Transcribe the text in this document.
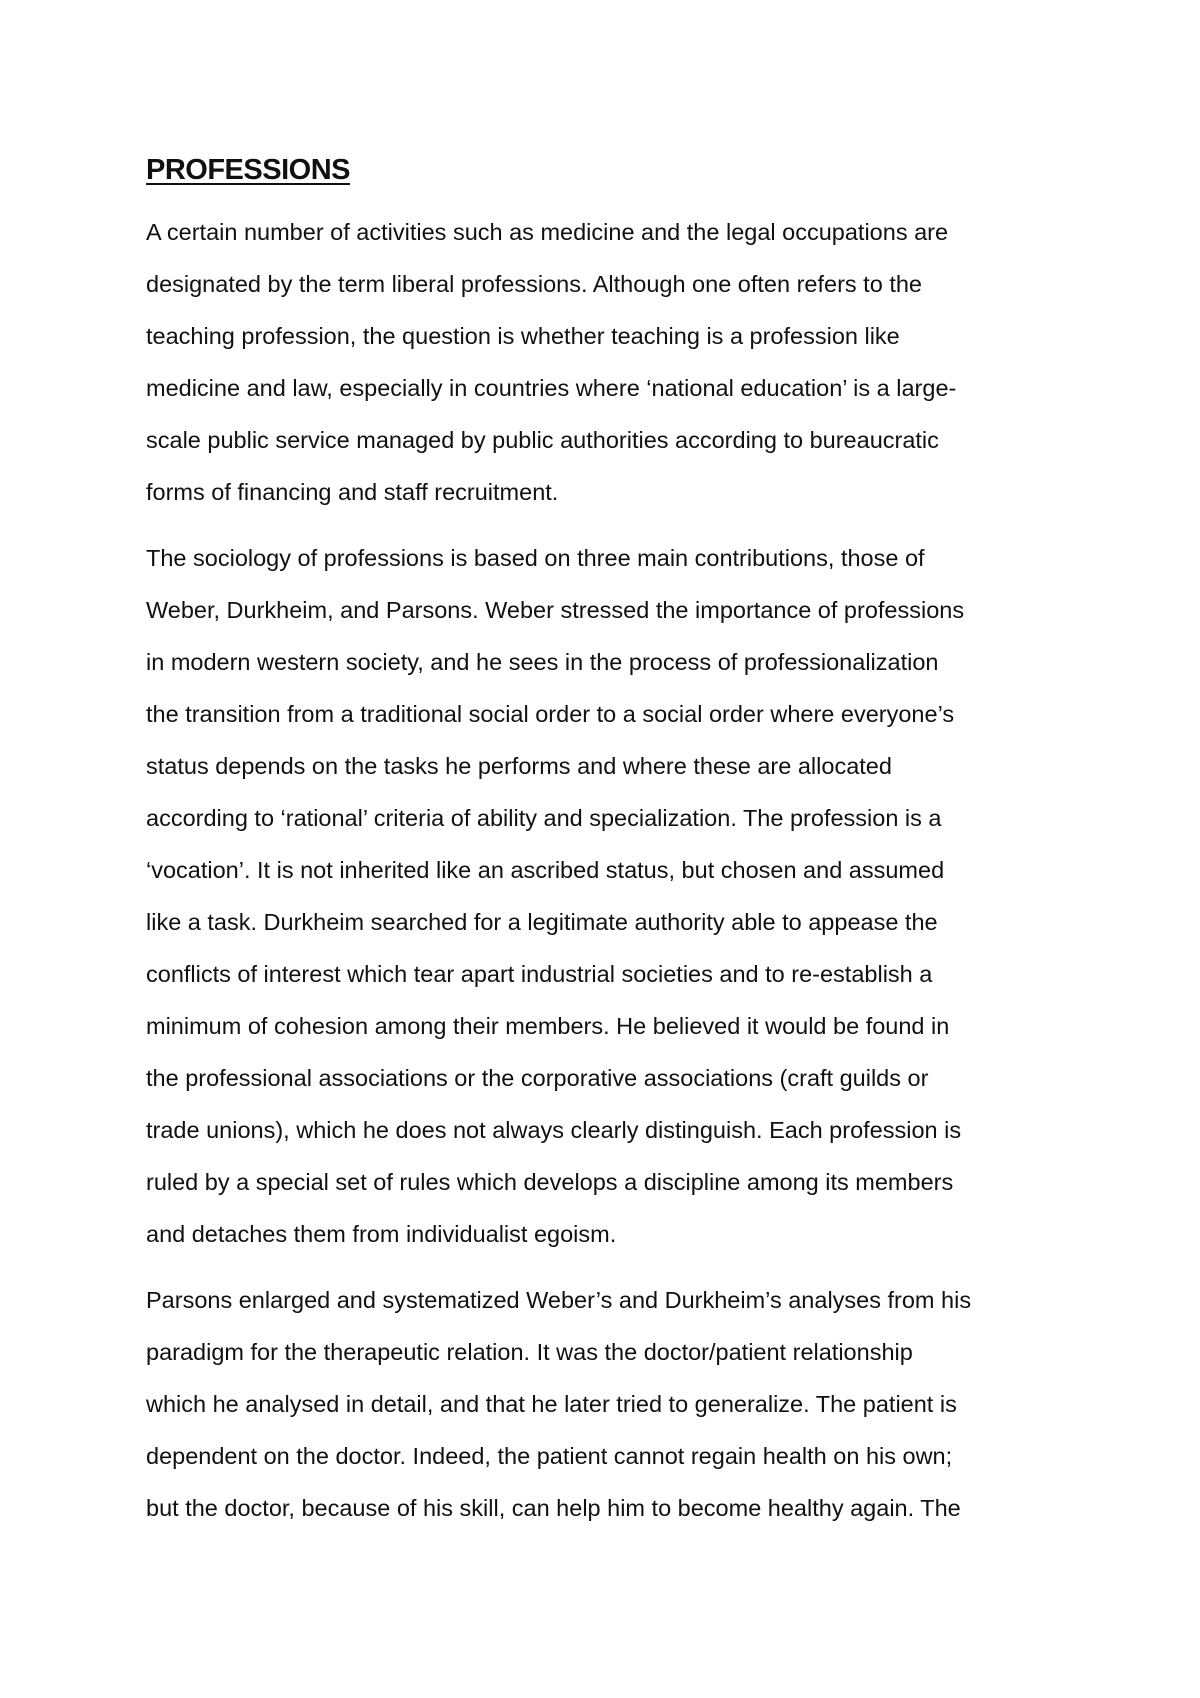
PROFESSIONS

A certain number of activities such as medicine and the legal occupations are
designated by the term liberal professions. Although one often refers to the
teaching profession, the question is whether teaching is a profession like
medicine and law, especially in countries where ‘national education’ is a large-
scale public service managed by public authorities according to bureaucratic
forms of financing and staff recruitment.

The sociology of professions is based on three main contributions, those of
Weber, Durkheim, and Parsons. Weber stressed the importance of professions
in modern western society, and he sees in the process of professionalization
the transition from a traditional social order to a social order where everyone’s
status depends on the tasks he performs and where these are allocated
according to ‘rational’ criteria of ability and specialization. The profession is a
‘vocation’. It is not inherited like an ascribed status, but chosen and assumed
like a task. Durkheim searched for a legitimate authority able to appease the
conflicts of interest which tear apart industrial societies and to re-establish a
minimum of cohesion among their members. He believed it would be found in
the professional associations or the corporative associations (craft guilds or
trade unions), which he does not always clearly distinguish. Each profession is
ruled by a special set of rules which develops a discipline among its members
and detaches them from individualist egoism.

Parsons enlarged and systematized Weber’s and Durkheim’s analyses from his
paradigm for the therapeutic relation. It was the doctor/patient relationship
which he analysed in detail, and that he later tried to generalize. The patient is
dependent on the doctor. Indeed, the patient cannot regain health on his own;
but the doctor, because of his skill, can help him to become healthy again. The
